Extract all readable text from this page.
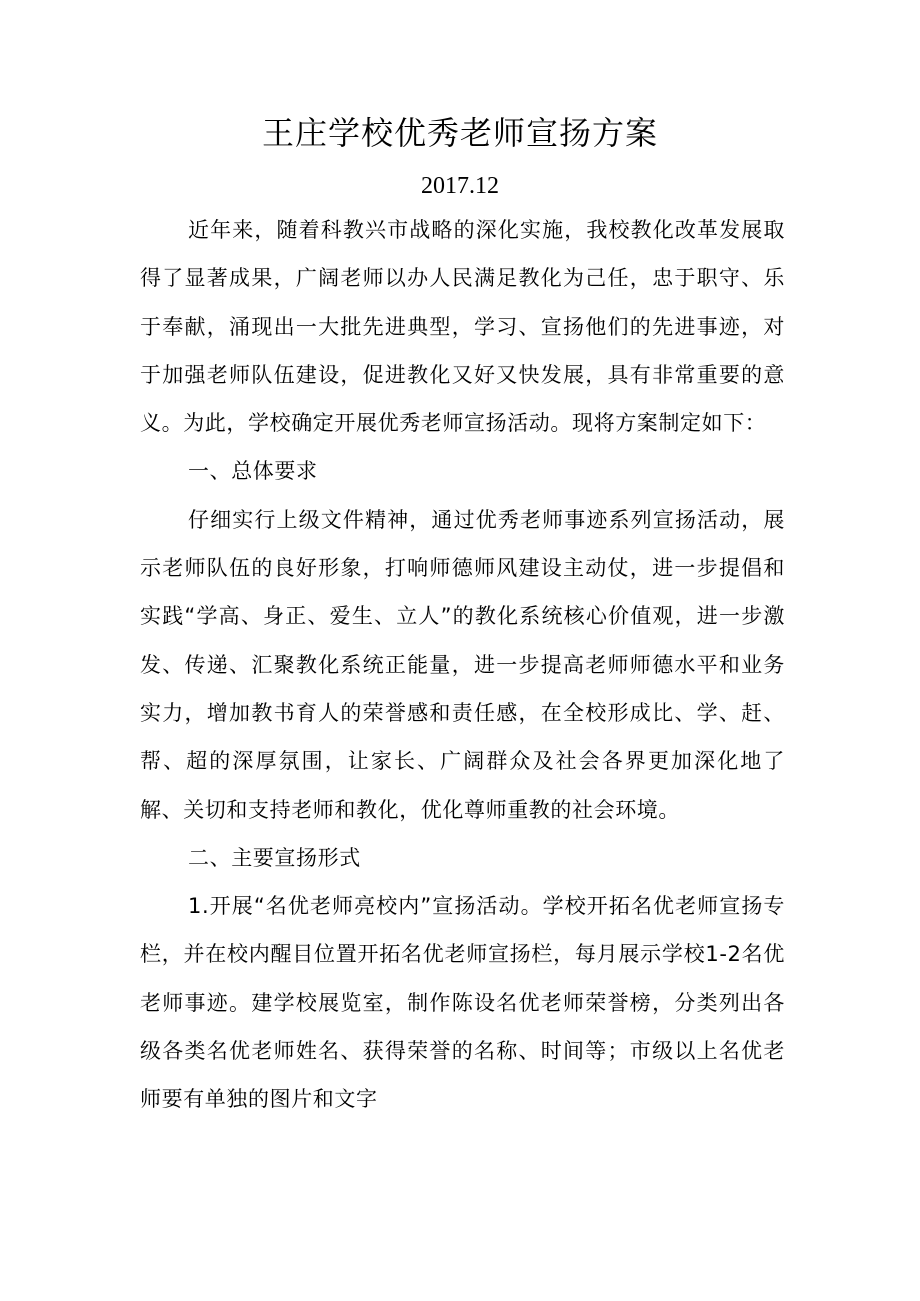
王庄学校优秀老师宣扬方案
2017.12

近年来，随着科教兴市战略的深化实施，我校教化改革发展取得了显著成果，广阔老师以办人民满足教化为己任，忠于职守、乐于奉献，涌现出一大批先进典型，学习、宣扬他们的先进事迹，对于加强老师队伍建设，促进教化又好又快发展，具有非常重要的意义。为此，学校确定开展优秀老师宣扬活动。现将方案制定如下：

一、总体要求

仔细实行上级文件精神，通过优秀老师事迹系列宣扬活动，展示老师队伍的良好形象，打响师德师风建设主动仗，进一步提倡和实践“学高、身正、爱生、立人”的教化系统核心价值观，进一步激发、传递、汇聚教化系统正能量，进一步提高老师师德水平和业务实力，增加教书育人的荣誉感和责任感，在全校形成比、学、赶、帮、超的深厚氛围，让家长、广阔群众及社会各界更加深化地了解、关切和支持老师和教化，优化尊师重教的社会环境。

二、主要宣扬形式

1.开展“名优老师亮校内”宣扬活动。学校开拓名优老师宣扬专栏，并在校内醒目位置开拓名优老师宣扬栏，每月展示学校1-2名优老师事迹。建学校展览室，制作陈设名优老师荣誉榜，分类列出各级各类名优老师姓名、获得荣誉的名称、时间等；市级以上名优老师要有单独的图片和文字
